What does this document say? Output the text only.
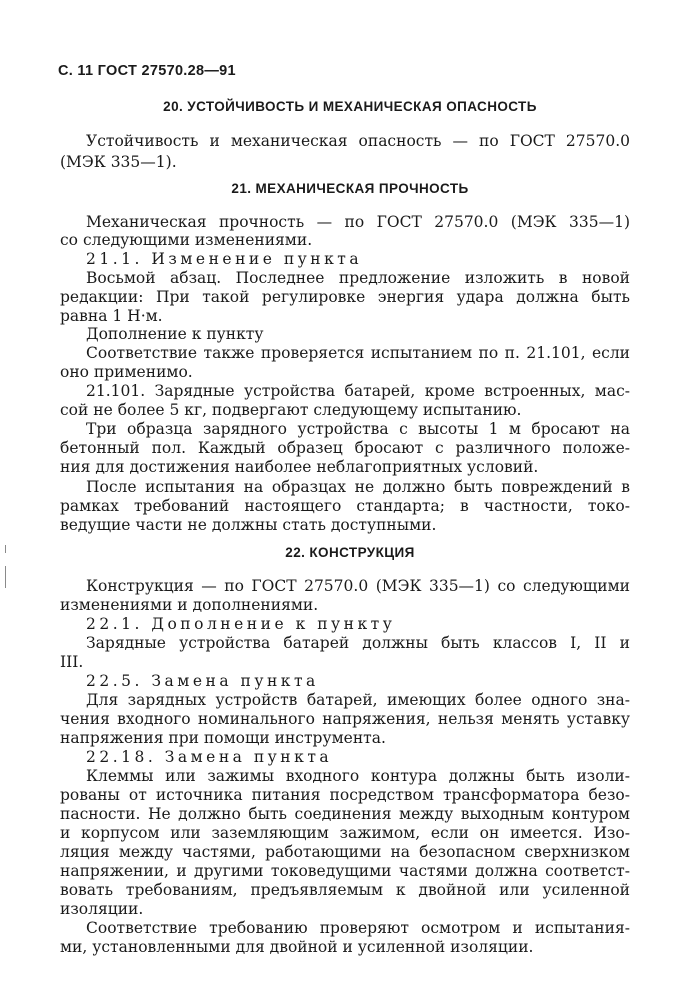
С. 11 ГОСТ 27570.28—91
20. УСТОЙЧИВОСТЬ И МЕХАНИЧЕСКАЯ ОПАСНОСТЬ
Устойчивость и механическая опасность — по ГОСТ 27570.0
(МЭК 335—1).
21. МЕХАНИЧЕСКАЯ ПРОЧНОСТЬ
Механическая прочность — по ГОСТ 27570.0 (МЭК 335—1)
со следующими изменениями.
21.1. Изменение пункта
Восьмой абзац. Последнее предложение изложить в новой
редакции: При такой регулировке энергия удара должна быть
равна 1 Н·м.
Дополнение к пункту
Соответствие также проверяется испытанием по п. 21.101, если
оно применимо.
21.101. Зарядные устройства батарей, кроме встроенных, мас-
сой не более 5 кг, подвергают следующему испытанию.
Три образца зарядного устройства с высоты 1 м бросают на
бетонный пол. Каждый образец бросают с различного положе-
ния для достижения наиболее неблагоприятных условий.
После испытания на образцах не должно быть повреждений в
рамках требований настоящего стандарта; в частности, токо-
ведущие части не должны стать доступными.
22. КОНСТРУКЦИЯ
Конструкция — по ГОСТ 27570.0 (МЭК 335—1) со следующими
изменениями и дополнениями.
22.1. Дополнение к пункту
Зарядные устройства батарей должны быть классов I, II и
III.
22.5. Замена пункта
Для зарядных устройств батарей, имеющих более одного зна-
чения входного номинального напряжения, нельзя менять уставку
напряжения при помощи инструмента.
22.18. Замена пункта
Клеммы или зажимы входного контура должны быть изоли-
рованы от источника питания посредством трансформатора безо-
пасности. Не должно быть соединения между выходным контуром
и корпусом или заземляющим зажимом, если он имеется. Изо-
ляция между частями, работающими на безопасном сверхнизком
напряжении, и другими токоведущими частями должна соответст-
вовать требованиям, предъявляемым к двойной или усиленной
изоляции.
Соответствие требованию проверяют осмотром и испытания-
ми, установленными для двойной и усиленной изоляции.
